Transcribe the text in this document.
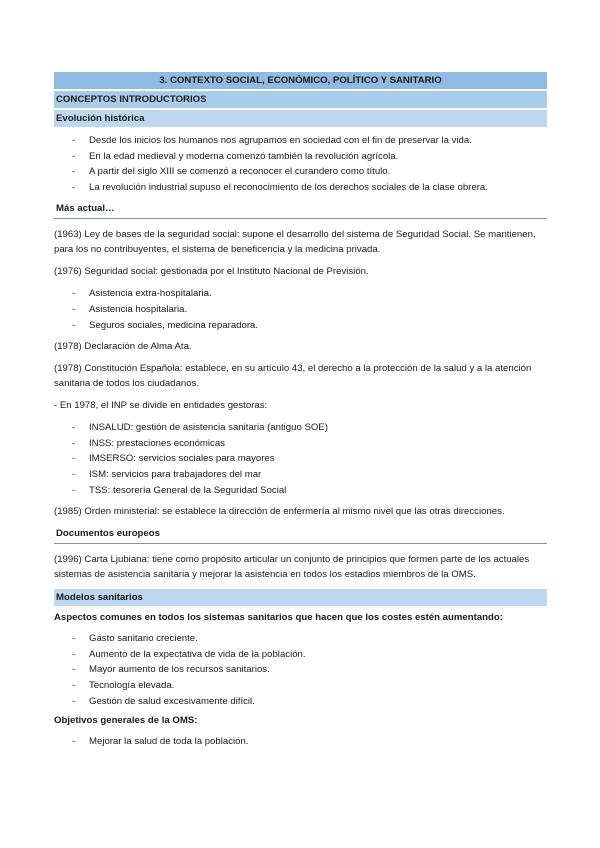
3. CONTEXTO SOCIAL, ECONÓMICO, POLÍTICO Y SANITARIO
CONCEPTOS INTRODUCTORIOS
Evolución histórica
- Desde los inicios los humanos nos agrupamos en sociedad con el fin de preservar la vida.
- En la edad medieval y moderna comenzó también la revolución agrícola.
- A partir del siglo XIII se comenzó a reconocer el curandero como título.
- La revolución industrial supuso el reconocimiento de los derechos sociales de la clase obrera.
Más actual…

(1963) Ley de bases de la seguridad social: supone el desarrollo del sistema de Seguridad Social. Se mantienen, para los no contribuyentes, el sistema de beneficencia y la medicina privada.

(1976) Seguridad social: gestionada por el Instituto Nacional de Previsión.

- Asistencia extra-hospitalaria.
- Asistencia hospitalaria.
- Seguros sociales, medicina reparadora.

(1978) Declaración de Alma Ata.

(1978) Constitución Española: establece, en su artículo 43, el derecho a la protección de la salud y a la atención sanitaria de todos los ciudadanos.

- En 1978, el INP se divide en entidades gestoras:

- INSALUD: gestión de asistencia sanitaria (antiguo SOE)
- INSS: prestaciones económicas
- IMSERSO: servicios sociales para mayores
- ISM: servicios para trabajadores del mar
- TSS: tesorería General de la Seguridad Social

(1985) Orden ministerial: se establece la dirección de enfermería al mismo nivel que las otras direcciones.

Documentos europeos

(1996) Carta Ljubiana: tiene como propósito articular un conjunto de principios que formen parte de los actuales sistemas de asistencia sanitaria y mejorar la asistencia en todos los estadios miembros de la OMS.

Modelos sanitarios
Aspectos comunes en todos los sistemas sanitarios que hacen que los costes estén aumentando:
- Gasto sanitario creciente.
- Aumento de la expectativa de vida de la población.
- Mayor aumento de los recursos sanitarios.
- Tecnología elevada.
- Gestión de salud excesivamente difícil.
Objetivos generales de la OMS:
- Mejorar la salud de toda la población.
